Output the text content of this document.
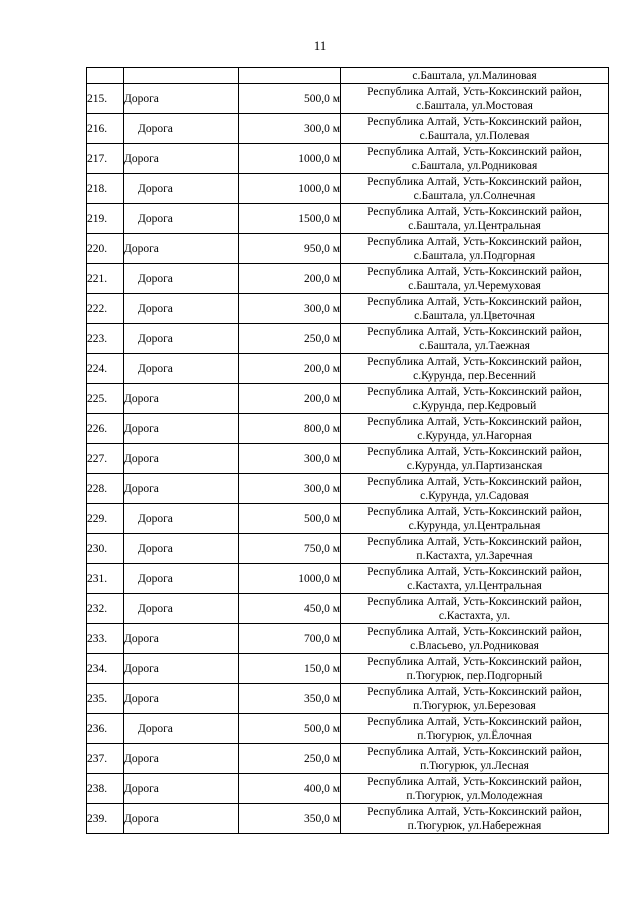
11

			с.Баштала, ул.Малиновая

215.	Дорога	500,0 м	Республика Алтай, Усть-Коксинский район,
с.Баштала, ул.Мостовая

216.	Дорога	300,0 м	Республика Алтай, Усть-Коксинский район,
с.Баштала, ул.Полевая

217.	Дорога	1000,0 м	Республика Алтай, Усть-Коксинский район,
с.Баштала, ул.Родниковая

218.	Дорога	1000,0 м	Республика Алтай, Усть-Коксинский район,
с.Баштала, ул.Солнечная

219.	Дорога	1500,0 м	Республика Алтай, Усть-Коксинский район,
с.Баштала, ул.Центральная

220.	Дорога	950,0 м	Республика Алтай, Усть-Коксинский район,
с.Баштала, ул.Подгорная

221.	Дорога	200,0 м	Республика Алтай, Усть-Коксинский район,
с.Баштала, ул.Черемуховая

222.	Дорога	300,0 м	Республика Алтай, Усть-Коксинский район,
с.Баштала, ул.Цветочная

223.	Дорога	250,0 м	Республика Алтай, Усть-Коксинский район,
с.Баштала, ул.Таежная

224.	Дорога	200,0 м	Республика Алтай, Усть-Коксинский район,
с.Курунда, пер.Весенний

225.	Дорога	200,0 м	Республика Алтай, Усть-Коксинский район,
с.Курунда, пер.Кедровый

226.	Дорога	800,0 м	Республика Алтай, Усть-Коксинский район,
с.Курунда, ул.Нагорная

227.	Дорога	300,0 м	Республика Алтай, Усть-Коксинский район,
с.Курунда, ул.Партизанская

228.	Дорога	300,0 м	Республика Алтай, Усть-Коксинский район,
с.Курунда, ул.Садовая

229.	Дорога	500,0 м	Республика Алтай, Усть-Коксинский район,
с.Курунда, ул.Центральная

230.	Дорога	750,0 м	Республика Алтай, Усть-Коксинский район,
п.Кастахта, ул.Заречная

231.	Дорога	1000,0 м	Республика Алтай, Усть-Коксинский район,
с.Кастахта, ул.Центральная

232.	Дорога	450,0 м	Республика Алтай, Усть-Коксинский район,
с.Кастахта, ул.

233.	Дорога	700,0 м	Республика Алтай, Усть-Коксинский район,
с.Власьево, ул.Родниковая

234.	Дорога	150,0 м	Республика Алтай, Усть-Коксинский район,
п.Тюгурюк, пер.Подгорный

235.	Дорога	350,0 м	Республика Алтай, Усть-Коксинский район,
п.Тюгурюк, ул.Березовая

236.	Дорога	500,0 м	Республика Алтай, Усть-Коксинский район,
п.Тюгурюк, ул.Ёлочная

237.	Дорога	250,0 м	Республика Алтай, Усть-Коксинский район,
п.Тюгурюк, ул.Лесная

238.	Дорога	400,0 м	Республика Алтай, Усть-Коксинский район,
п.Тюгурюк, ул.Молодежная

239.	Дорога	350,0 м	Республика Алтай, Усть-Коксинский район,
п.Тюгурюк, ул.Набережная
